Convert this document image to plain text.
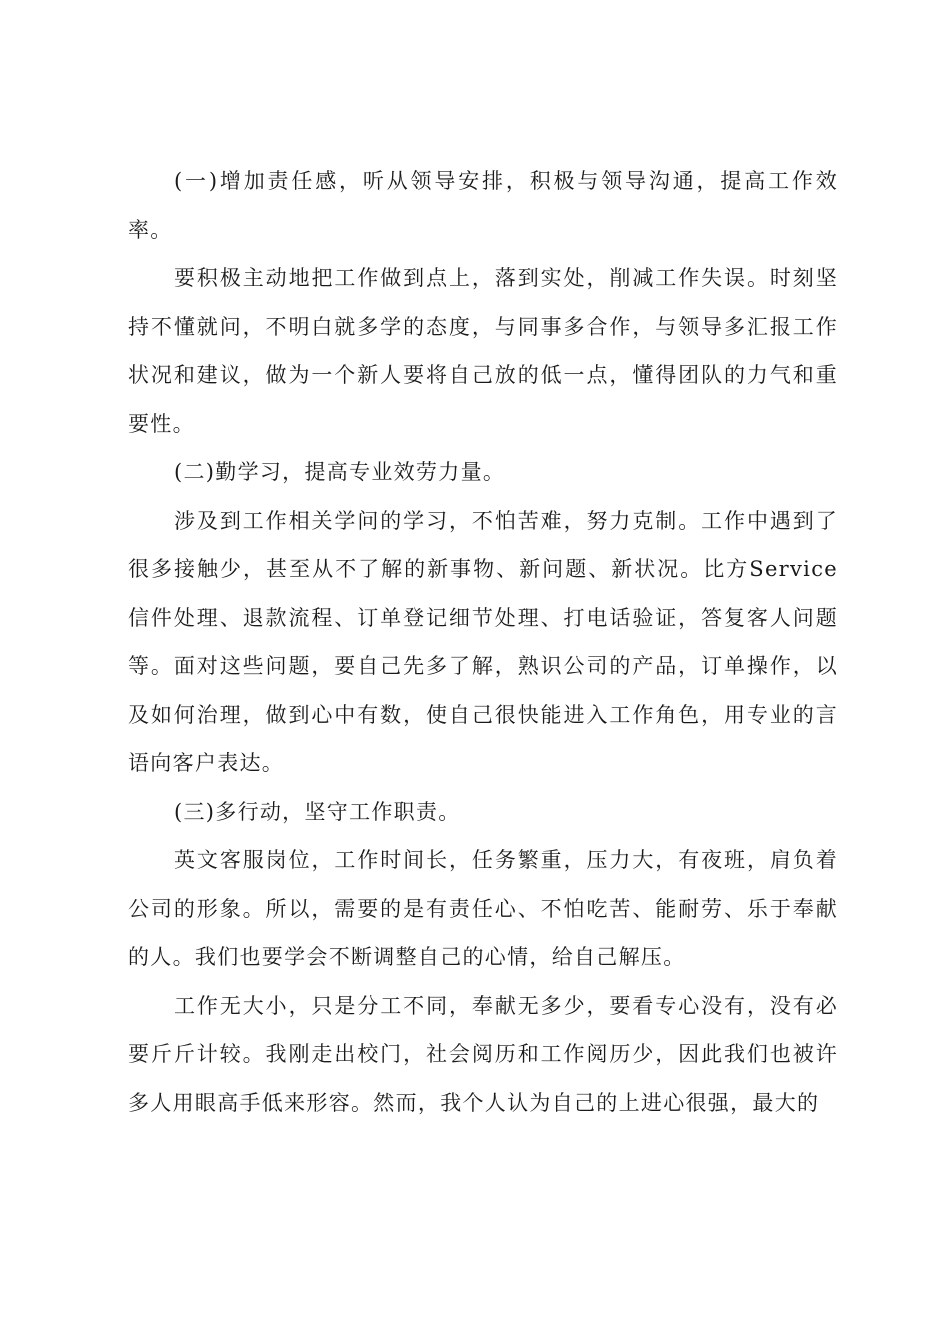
(一)增加责任感，听从领导安排，积极与领导沟通，提高工作效率。

要积极主动地把工作做到点上，落到实处，削减工作失误。时刻坚持不懂就问，不明白就多学的态度，与同事多合作，与领导多汇报工作状况和建议，做为一个新人要将自己放的低一点，懂得团队的力气和重要性。

(二)勤学习，提高专业效劳力量。

涉及到工作相关学问的学习，不怕苦难，努力克制。工作中遇到了很多接触少，甚至从不了解的新事物、新问题、新状况。比方Service信件处理、退款流程、订单登记细节处理、打电话验证，答复客人问题等。面对这些问题，要自己先多了解，熟识公司的产品，订单操作，以及如何治理，做到心中有数，使自己很快能进入工作角色，用专业的言语向客户表达。

(三)多行动，坚守工作职责。

英文客服岗位，工作时间长，任务繁重，压力大，有夜班，肩负着公司的形象。所以，需要的是有责任心、不怕吃苦、能耐劳、乐于奉献的人。我们也要学会不断调整自己的心情，给自己解压。

工作无大小，只是分工不同，奉献无多少，要看专心没有，没有必要斤斤计较。我刚走出校门，社会阅历和工作阅历少，因此我们也被许多人用眼高手低来形容。然而，我个人认为自己的上进心很强，最大的
